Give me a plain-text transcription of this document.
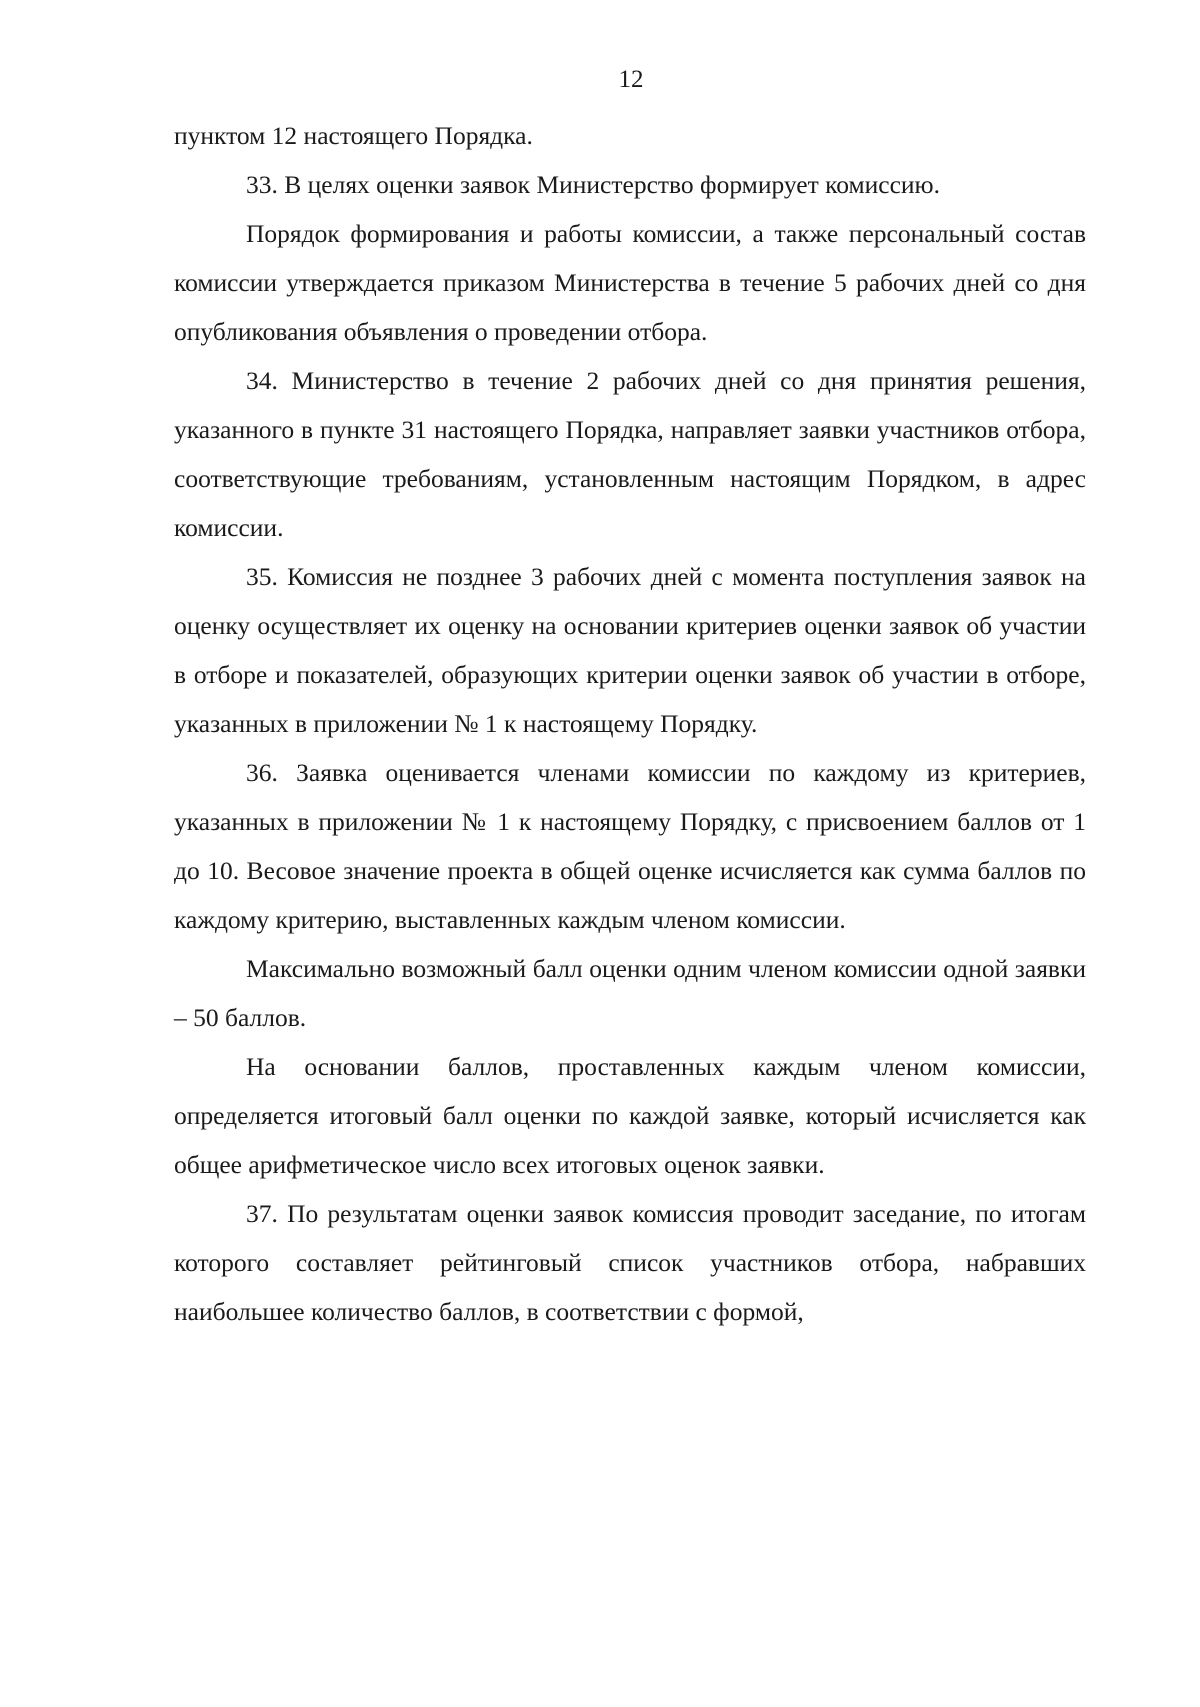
12

пунктом 12 настоящего Порядка.

33. В целях оценки заявок Министерство формирует комиссию.

Порядок формирования и работы комиссии, а также персональный состав комиссии утверждается приказом Министерства в течение 5 рабочих дней со дня опубликования объявления о проведении отбора.

34. Министерство в течение 2 рабочих дней со дня принятия решения, указанного в пункте 31 настоящего Порядка, направляет заявки участников отбора, соответствующие требованиям, установленным настоящим Порядком, в адрес комиссии.

35. Комиссия не позднее 3 рабочих дней с момента поступления заявок на оценку осуществляет их оценку на основании критериев оценки заявок об участии в отборе и показателей, образующих критерии оценки заявок об участии в отборе, указанных в приложении № 1 к настоящему Порядку.

36. Заявка оценивается членами комиссии по каждому из критериев, указанных в приложении № 1 к настоящему Порядку, с присвоением баллов от 1 до 10. Весовое значение проекта в общей оценке исчисляется как сумма баллов по каждому критерию, выставленных каждым членом комиссии.

Максимально возможный балл оценки одним членом комиссии одной заявки – 50 баллов.

На основании баллов, проставленных каждым членом комиссии, определяется итоговый балл оценки по каждой заявке, который исчисляется как общее арифметическое число всех итоговых оценок заявки.

37. По результатам оценки заявок комиссия проводит заседание, по итогам которого составляет рейтинговый список участников отбора, набравших наибольшее количество баллов, в соответствии с формой,
